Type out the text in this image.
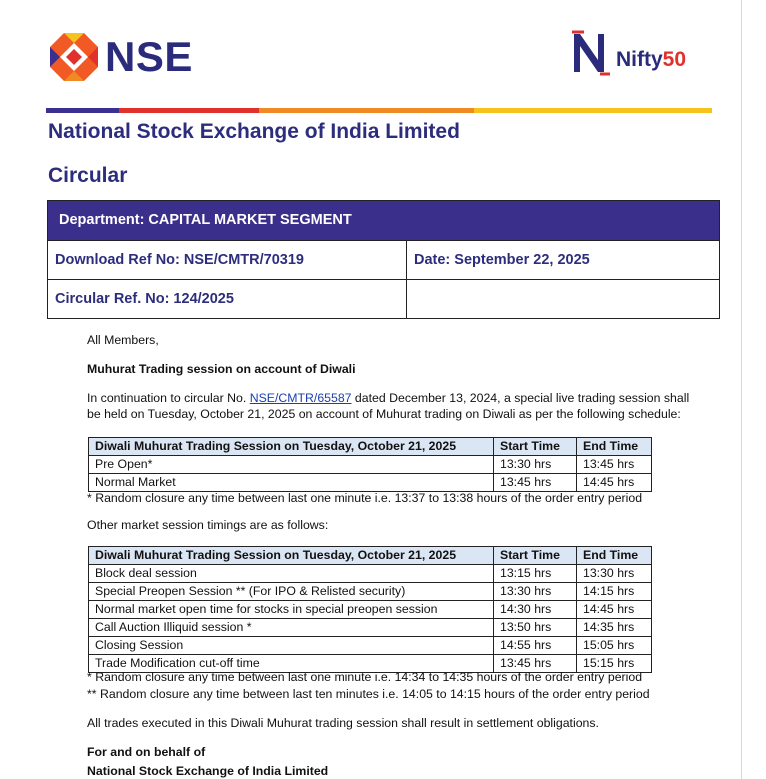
NSE	Nifty50
National Stock Exchange of India Limited
Circular
Department: CAPITAL MARKET SEGMENT
Download Ref No: NSE/CMTR/70319	Date: September 22, 2025
Circular Ref. No: 124/2025
All Members,
Muhurat Trading session on account of Diwali
In continuation to circular No. NSE/CMTR/65587 dated December 13, 2024, a special live trading session shall
be held on Tuesday, October 21, 2025 on account of Muhurat trading on Diwali as per the following schedule:
Diwali Muhurat Trading Session on Tuesday, October 21, 2025	Start Time	End Time
Pre Open*	13:30 hrs	13:45 hrs
Normal Market	13:45 hrs	14:45 hrs
* Random closure any time between last one minute i.e. 13:37 to 13:38 hours of the order entry period
Other market session timings are as follows:
Diwali Muhurat Trading Session on Tuesday, October 21, 2025	Start Time	End Time
Block deal session	13:15 hrs	13:30 hrs
Special Preopen Session ** (For IPO & Relisted security)	13:30 hrs	14:15 hrs
Normal market open time for stocks in special preopen session	14:30 hrs	14:45 hrs
Call Auction Illiquid session *	13:50 hrs	14:35 hrs
Closing Session	14:55 hrs	15:05 hrs
Trade Modification cut-off time	13:45 hrs	15:15 hrs
* Random closure any time between last one minute i.e. 14:34 to 14:35 hours of the order entry period
** Random closure any time between last ten minutes i.e. 14:05 to 14:15 hours of the order entry period
All trades executed in this Diwali Muhurat trading session shall result in settlement obligations.
For and on behalf of
National Stock Exchange of India Limited
